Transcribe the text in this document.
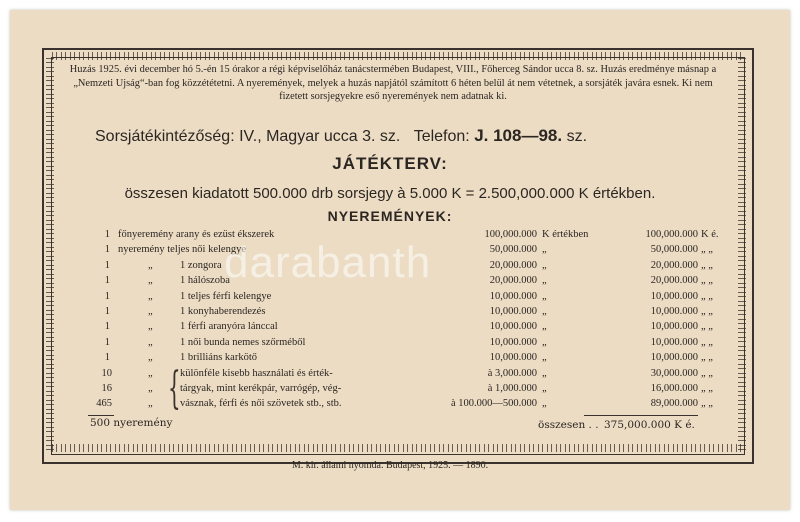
Huzás 1925. évi december hó 5.-én 15 órakor a régi képviselőház tanácstermében Budapest, VIII., Főherceg Sándor ucca 8. sz. Huzás eredménye másnap a „Nemzeti Ujság“-ban fog közzététetni. A nyeremények, melyek a huzás napjától számított 6 héten belül át nem vétetnek, a sorsjáték javára esnek. Ki nem fizetett sorsjegyekre eső nyeremények nem adatnak ki.
Sorsjátékintézőség: IV., Magyar ucca 3. sz. Telefon: J. 108—98. sz.
JÁTÉKTERV:
összesen kiadatott 500.000 drb sorsjegy à 5.000 K = 2.500,000.000 K értékben.
NYEREMÉNYEK:
1 főnyeremény arany és ezüst ékszerek	100,000.000 K értékben	100,000.000 K é.
1 nyeremény teljes női kelengye	50,000.000 „	50,000.000 „ „
1	„	1 zongora	20,000.000 „	20,000.000 „ „
1	„	1 hálószoba	20,000.000 „	20,000.000 „ „
1	„	1 teljes férfi kelengye	10,000.000 „	10,000.000 „ „
1	„	1 konyhaberendezés	10,000.000 „	10,000.000 „ „
1	„	1 férfi aranyóra lánccal	10,000.000 „	10,000.000 „ „
1	„	1 női bunda nemes szőrméből	10,000.000 „	10,000.000 „ „
1	„	1 brilliáns karkötő	10,000.000 „	10,000.000 „ „
10	„	különféle kisebb használati és érték-	à 3,000.000 „	30,000.000 „ „
16	„	tárgyak, mint kerékpár, varrógép, vég-	à 1,000.000 „	16,000.000 „ „
465	„	vásznak, férfi és női szövetek stb., stb.	à 100.000—500.000 „	89,000.000 „ „
{
500 nyeremény	összesen . . 375,000.000 K é.
M. kir. állami nyomda. Budapest, 1925. — 1890.
darabanth
